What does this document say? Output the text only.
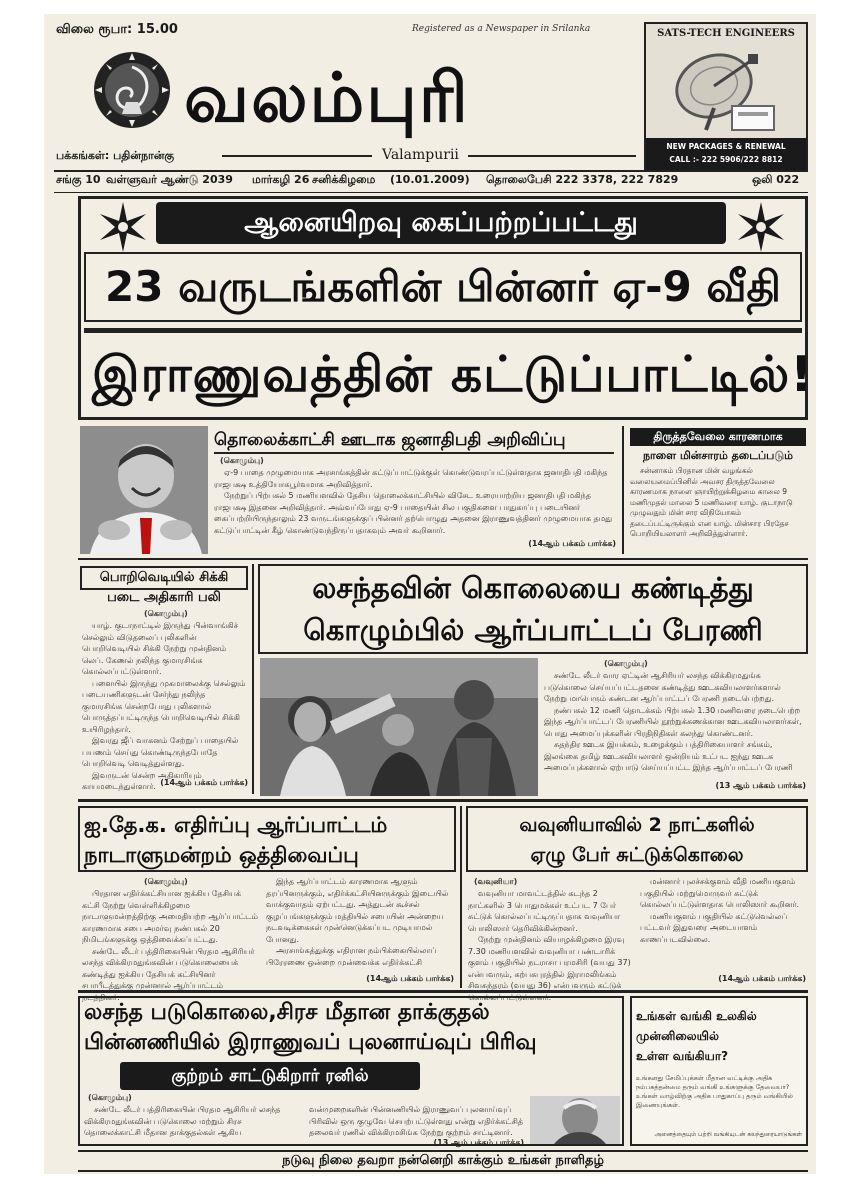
விலை ரூபா: 15.00	Registered as a Newspaper in Srilanka
வலம்புரி
Valampurii
பக்கங்கள்: பதின்நான்கு
SATS-TECH ENGINEERS
NEW PACKAGES & RENEWAL
CALL :- 222 5906/222 8812
சங்கு 10 வள்ளுவர் ஆண்டு 2039 மார்கழி 26 சனிக்கிழமை (10.01.2009) தொலைபேசி 222 3378, 222 7829	ஒலி 022
ஆனையிறவு கைப்பற்றப்பட்டது
23 வருடங்களின் பின்னர் ஏ-9 வீதி
இராணுவத்தின் கட்டுப்பாட்டில்!
தொலைக்காட்சி ஊடாக ஜனாதிபதி அறிவிப்பு
(கொழும்பு)

ஏ-9 பாதை முழுமையாக அரசாங்கத்தின் கட்டுப்பாட்டுக்குள் கொண்டுவரப்பட்டுள்ளதாக ஜனாதிபதி மகிந்த ராஜபக்ஷ உத்தியோகபூர்வமாக அறிவித்தார்.

நேற்றுப் பிற்பகல் 5 மணியளவில் தேசிய தொலைக்காட்சியில் விசேட உரையாற்றிய ஜனாதிபதி மகிந்த ராஜபக்ஷ இதனை அறிவித்தார். அவ்வப்போது ஏ-9 பாதையின் சில பகுதிகளை பாதுகாப்பு படையினர் கைப்பற்றியிருந்தாலும் 23 வருடங்களுக்குப் பின்னர் தற்பொழுது அதனை இராணுவத்தினர் முழுமையாக தமது கட்டுப்பாட்டின் கீழ் கொண்டுவந்திருப்பதாகவும் அவர் கூறினார்.

(14ஆம் பக்கம் பார்க்க)
திருத்தவேலை காரணமாக
நாளை மின்சாரம் தடைப்படும்

சன்னாகம் பிரதான மின் வழங்கல் வலையமைப்பினில் அவசர திருத்தவேலை காரணமாக நாளை ஞாயிற்றுக்கிழமை காலை 9 மணிமுதல் மாலை 5 மணிவரை யாழ். குடாநாடு முழுவதும் மின் சார விநியோகம் தடைப்பட்டிருக்கும் என யாழ். மின்சார பிரதேச பொறியியலாளர் அறிவித்துள்ளார்.

பொறிவெடியில் சிக்கி
படை அதிகாரி பலி
(கொழும்பு)

யாழ். குடாநாட்டில் இருந்து பின்வாங்கிச் செல்லும் விடுதலைப் புலிகளின் பொறிவெடியில் சிக்கி நேற்று முன்தினம் லெப். கேணல் நலிந்த குமாரசிங்க கொல்லப்பட்டுள்ளார்.

பளையில் இருந்து முகமாலைக்கு செல்லும் படையணிகளுடன் சேர்ந்து நலிந்த குமாரசிங்க சென்றபோது புலிகளால் பொருத்தப்பட்டிருந்த பொறிவெடியில் சிக்கி உயிரிழந்தார்.

இவரது ஜீப் வாகனம் சேற்றுப் பாதையில் பயணம் செய்து கொண்டிருந்தபோதே பொறிவெடி வெடித்துள்ளது.

இவருடன் சென்ற அதிகாரியும் காயமடைந்துள்ளார். (14ஆம் பக்கம் பார்க்க)
லசந்தவின் கொலையை கண்டித்து
கொழும்பில் ஆர்ப்பாட்டப் பேரணி
(கொழும்பு)

சண்டே லீடர் வார ஏட்டின் ஆசிரியர் லசந்த விக்கிரமதுங்க படுகொலை செய்யப்பட்டதனை கண்டித்து ஊடகவியலாளர்களால் நேற்று மாபெரும் கண்டன ஆர்ப்பாட்டப் பேரணி நடைபெற்றது.

நண்பகல் 12 மணி தொடக்கம் பிற்பகல் 1.30 மணிவரை நடைபெற்ற இந்த ஆர்ப்பாட்டப் பேரணியில் நூற்றுக்கணக்கான ஊடகவியலாளர்கள், பொது அமைப்புக்களின் பிரதிநிதிகள் கலந்து கொண்டனர்.

சுதந்திர ஊடக இயக்கம், உழைக்கும் பத்திரிகையாளர் சங்கம், இலங்கை தமிழ் ஊடகவியலாளர் ஒன்றியம் உட்பட ஐந்து ஊடக அமைப்புக்களால் ஏற்பாடு செய்யப்பட்ட இந்த ஆர்ப்பாட்டப் பேரணி

(13 ஆம் பக்கம் பார்க்க)
ஐ.தே.க. எதிர்ப்பு ஆர்ப்பாட்டம்
நாடாளுமன்றம் ஒத்திவைப்பு
(கொழும்பு)

பிரதான எதிர்க்கட்சியான ஐக்கிய தேசியக் கட்சி நேற்று வெள்ளிக்கிழமை நாடாளுமன்றத்திற்கு அமைதியற்ற ஆர்ப்பாட்டம் காரணமாக சபை அமர்வு நண்பகல் 20 நிமிடங்களுக்கு ஒத்திவைக்கப்பட்டது.

சண்டே லீடர் பத்திரிகையின் பிரதம ஆசிரியர் லசந்த விக்கிரமதுங்கவின் படுகொலையைக் கண்டித்து ஐக்கிய தேசியக் கட்சியினர் சபாபீடத்துக்கு முன்னால் ஆர்ப்பாட்டம் நடத்தினர்.

இந்த ஆர்ப்பாட்டம் காரணமாக ஆளும் தரப்பினருக்கும், எதிர்க்கட்சியினருக்கும் இடையில் வாக்குவாதம் ஏற்பட்டது. அத்துடன் கூச்சல் குழப்பங்களுக்கும் மத்தியில் சபையின் அன்றைய நடவடிக்கைகள் முன்னெடுக்கப்பட முடியாமல் போனது.

அரசாங்கத்துக்கு எதிரான நம்பிக்கையில்லாப் பிரேரணை ஒன்றை முன்வைக்க எதிர்க்கட்சி

(14ஆம் பக்கம் பார்க்க)
வவுனியாவில் 2 நாட்களில்
ஏழு பேர் சுட்டுக்கொலை
(வவுனியா)

வவுனியா மாவட்டத்தில் கடந்த 2 நாட்களில் 3 பொதுமக்கள் உட்பட 7 பேர் சுட்டுக் கொல்லப்பட்டிருப்பதாக வவுனியா பொலிஸார் தெரிவிக்கின்றனர்.

நேற்று முன்தினம் வியாழக்கிழமை இரவு 7.30 மணியளவில் வவுனியா பண்டாரிக் குளம் பகுதியில் நடராசா பரமசிரி (வயது 37) என்பவரும், கற்பகபுரத்தில் இராமலிங்கம் சிவசுந்தரம் (வயது 36) என்பவரும் சுட்டுக் கொல்லப்பட்டுள்ளனர்.

மன்னார் புலச்சக்குளம் வீதி மணியகுளம் பகுதியில் மற்றுமொருவர் சுட்டுக் கொல்லப்பட்டுள்ளதாக பொலிஸார் கூறினர்.

மணியகுளம் பகுதியில் கட்டுவெல்லப் பட்டவர் இதுவரை அடையாளம் காணப்படவில்லை.

(14ஆம் பக்கம் பார்க்க)
லசந்த படுகொலை,சிரச மீதான தாக்குதல்
பின்னணியில் இராணுவப் புலனாய்வுப் பிரிவு
குற்றம் சாட்டுகிறார் ரனில்
(கொழும்பு)

சண்டே லீடர் பத்திரிகையின் பிரதம ஆசிரியர் லசந்த விக்கிரமதுங்கவின் படுகொலை மற்றும் சிரச தொலைக்காட்சி மீதான தாக்குதல்கள் ஆகிய வன்முறைகளின் பின்னணியில் இராணுவப் புலனாய்வுப் பிரிவில் ஒரு குழுவே செயற்பட்டுள்ளது என்று எதிர்க்கட்சித் தலைவர் ரணில் விக்கிரமசிங்க நேற்று குற்றம் சாட்டினார்.

(13 ஆம் பக்கம் பார்க்க)
உங்கள் வங்கி உலகில்
முன்னிலையில்
உள்ள வங்கியா?
உங்களது சேமிப்புக்கள் மீதான வட்டிக்கு அதிக நம்பகத்தன்மை தரும் வங்கி உங்களுக்கு தேவையா? உங்கள் வாழ்விற்கு அதிக பாதுகாப்பு தரும் வங்கியில் இணையுங்கள்.
அனைத்தையும் பற்றி வங்கியுடன் கலந்துரையாடுங்கள்
நடுவு நிலை தவறா நன்னெறி காக்கும் உங்கள் நாளிதழ்
